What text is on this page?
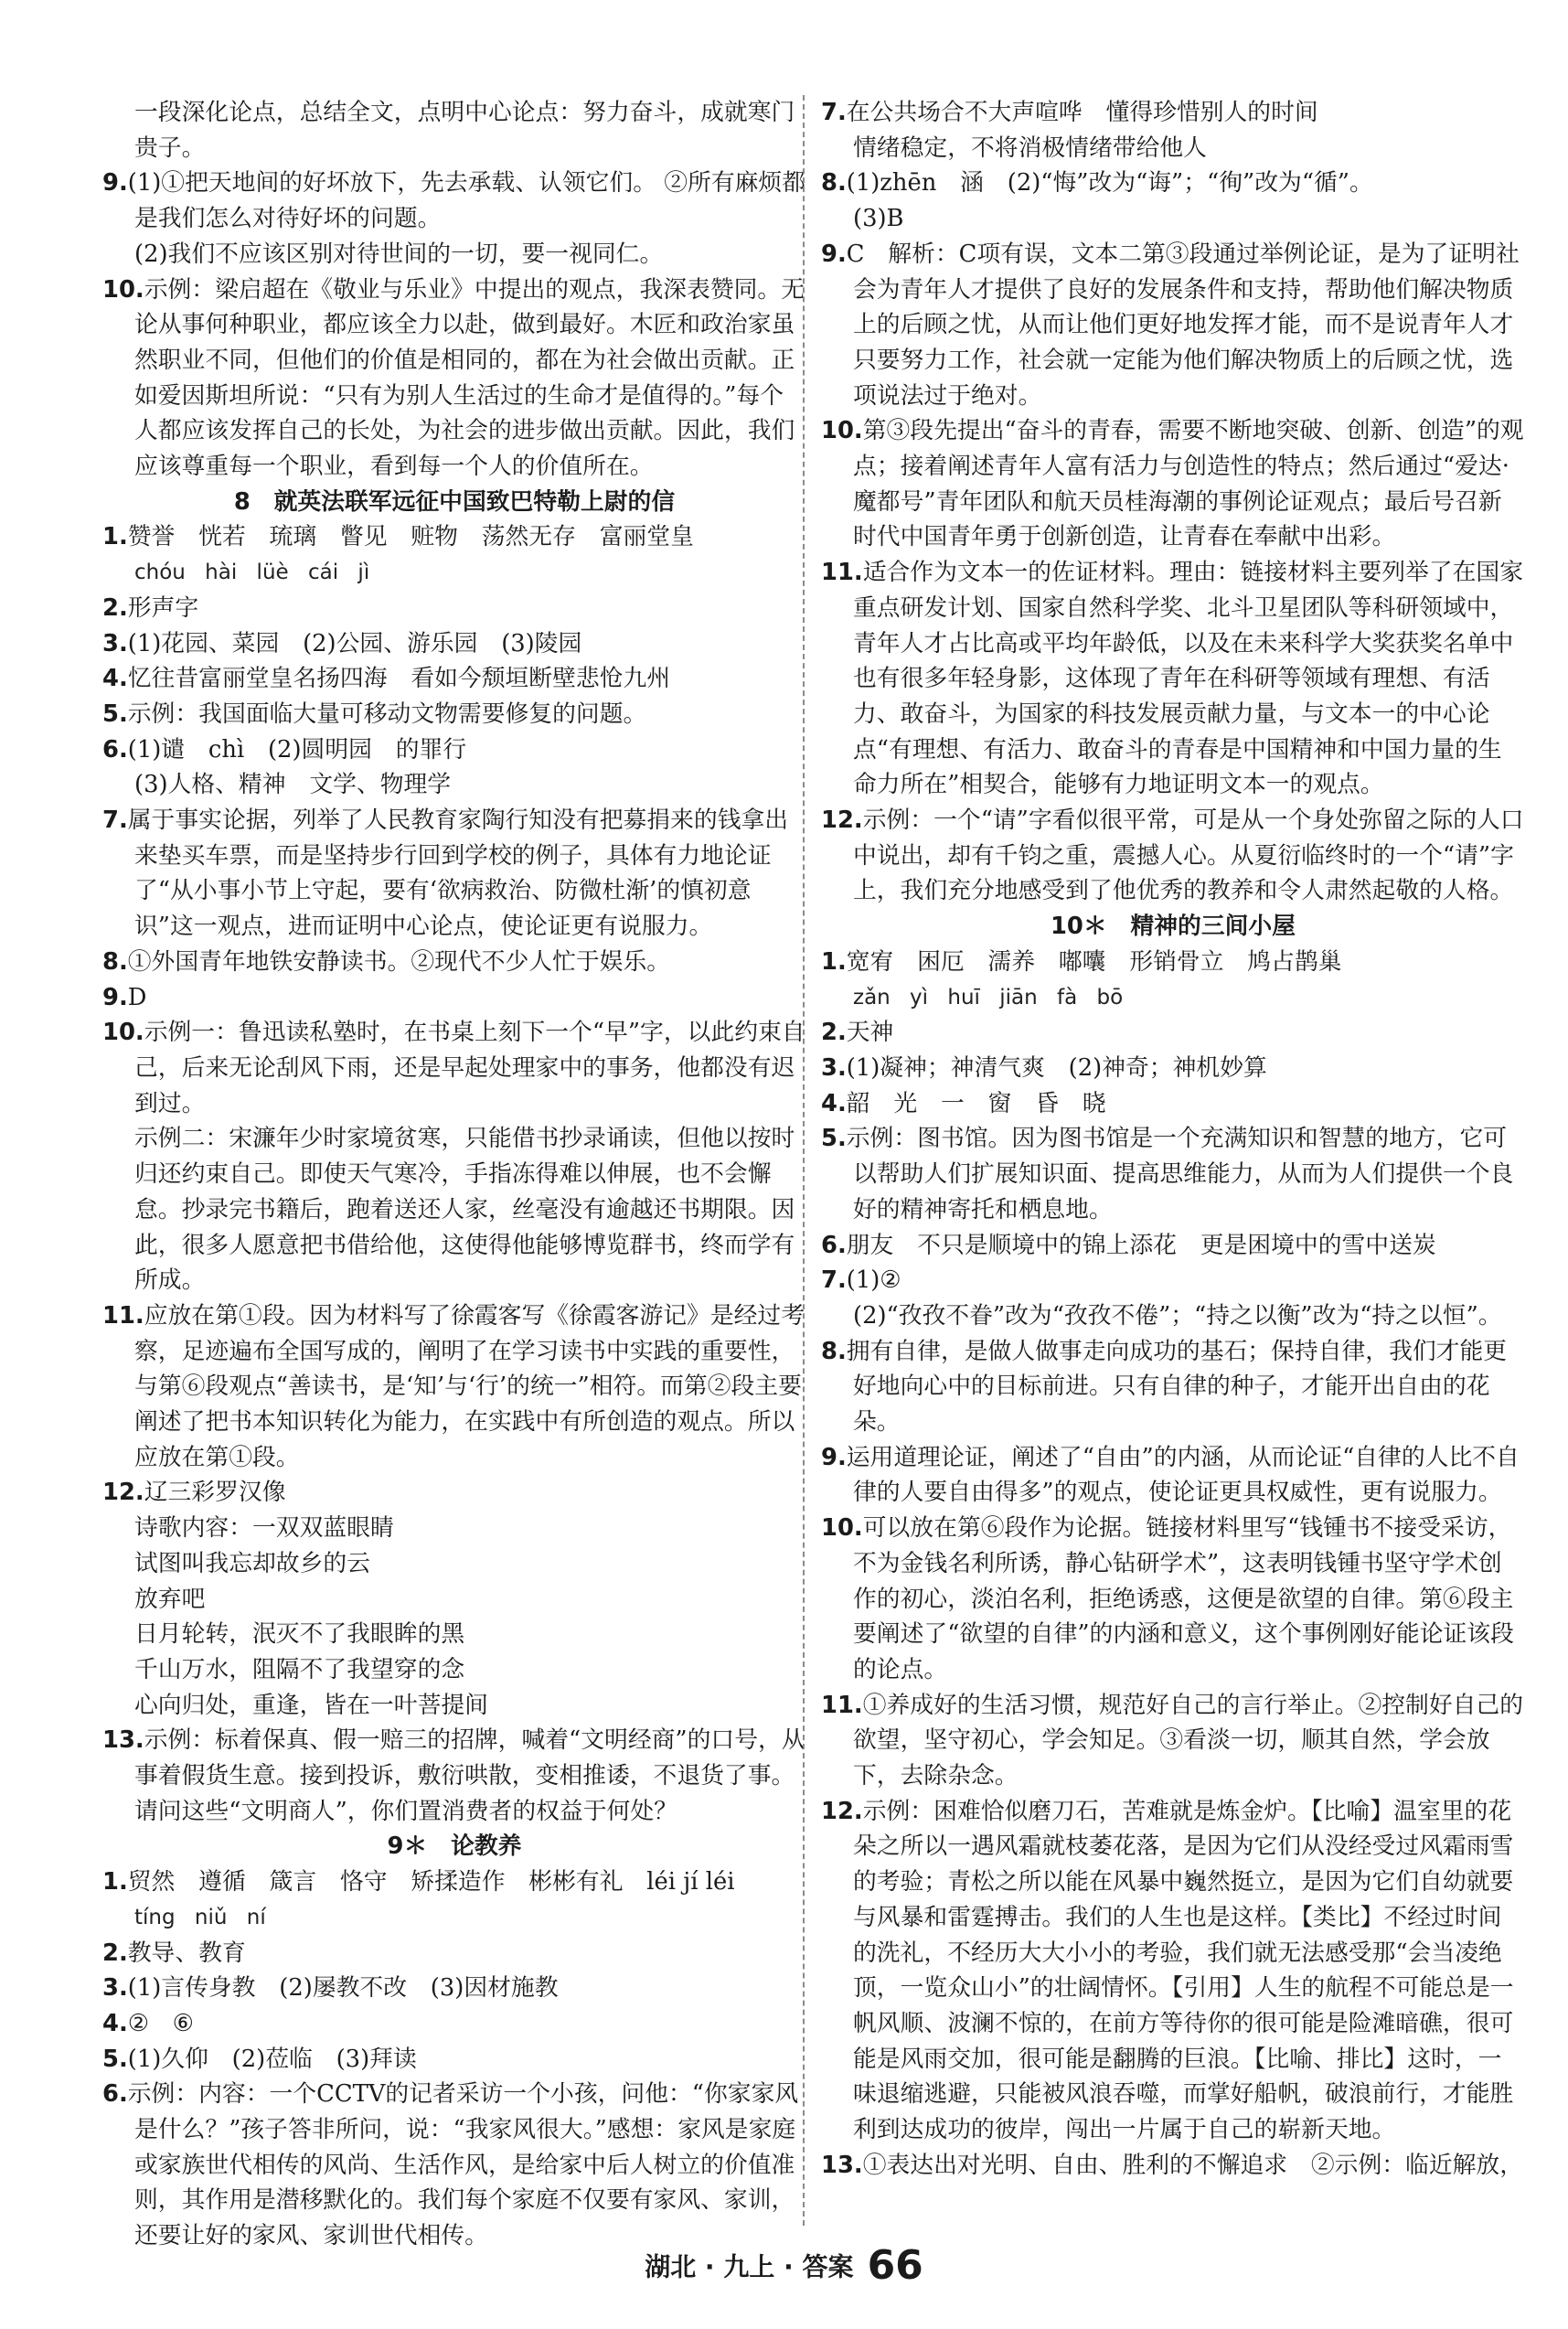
一段深化论点，总结全文，点明中心论点：努力奋斗，成就寒门贵子。

9.(1)①把天地间的好坏放下，先去承载、认领它们。 ②所有麻烦都是我们怎么对待好坏的问题。

(2)我们不应该区别对待世间的一切，要一视同仁。

10.示例：梁启超在《敬业与乐业》中提出的观点，我深表赞同。无论从事何种职业，都应该全力以赴，做到最好。木匠和政治家虽然职业不同，但他们的价值是相同的，都在为社会做出贡献。正如爱因斯坦所说：“只有为别人生活过的生命才是值得的。”每个人都应该发挥自己的长处，为社会的进步做出贡献。因此，我们应该尊重每一个职业，看到每一个人的价值所在。

8　就英法联军远征中国致巴特勒上尉的信

1.赞誉　恍若　琉璃　瞥见　赃物　荡然无存　富丽堂皇

chóu hài lüè cái jì

2.形声字

3.(1)花园、菜园　(2)公园、游乐园　(3)陵园

4.忆往昔富丽堂皇名扬四海　看如今颓垣断壁悲怆九州

5.示例：我国面临大量可移动文物需要修复的问题。

6.(1)谴　chì　(2)圆明园　的罪行

(3)人格、精神　文学、物理学

7.属于事实论据，列举了人民教育家陶行知没有把募捐来的钱拿出来垫买车票，而是坚持步行回到学校的例子，具体有力地论证了“从小事小节上守起，要有‘欲病救治、防微杜渐’的慎初意识”这一观点，进而证明中心论点，使论证更有说服力。

8.①外国青年地铁安静读书。②现代不少人忙于娱乐。

9.D

10.示例一：鲁迅读私塾时，在书桌上刻下一个“早”字，以此约束自己，后来无论刮风下雨，还是早起处理家中的事务，他都没有迟到过。

示例二：宋濂年少时家境贫寒，只能借书抄录诵读，但他以按时归还约束自己。即使天气寒冷，手指冻得难以伸展，也不会懈怠。抄录完书籍后，跑着送还人家，丝毫没有逾越还书期限。因此，很多人愿意把书借给他，这使得他能够博览群书，终而学有所成。

11.应放在第①段。因为材料写了徐霞客写《徐霞客游记》是经过考察，足迹遍布全国写成的，阐明了在学习读书中实践的重要性，与第⑥段观点“善读书，是‘知’与‘行’的统一”相符。而第②段主要阐述了把书本知识转化为能力，在实践中有所创造的观点。所以应放在第①段。

12.辽三彩罗汉像

诗歌内容：一双双蓝眼睛

试图叫我忘却故乡的云

放弃吧

日月轮转，泯灭不了我眼眸的黑

千山万水，阻隔不了我望穿的念

心向归处，重逢，皆在一叶菩提间

13.示例：标着保真、假一赔三的招牌，喊着“文明经商”的口号，从事着假货生意。接到投诉，敷衍哄散，变相推诿，不退货了事。请问这些“文明商人”，你们置消费者的权益于何处？

9＊　论教养

1.贸然　遵循　箴言　恪守　矫揉造作　彬彬有礼　léi jí léi

tíng niǔ ní

2.教导、教育

3.(1)言传身教　(2)屡教不改　(3)因材施教

4.②　⑥

5.(1)久仰　(2)莅临　(3)拜读

6.示例：内容：一个CCTV的记者采访一个小孩，问他：“你家家风是什么？”孩子答非所问，说：“我家风很大。”感想：家风是家庭或家族世代相传的风尚、生活作风，是给家中后人树立的价值准则，其作用是潜移默化的。我们每个家庭不仅要有家风、家训，还要让好的家风、家训世代相传。

7.在公共场合不大声喧哗　懂得珍惜别人的时间

情绪稳定，不将消极情绪带给他人

8.(1)zhēn　涵　(2)“悔”改为“诲”；“徇”改为“循”。

(3)B

9.C　解析：C项有误，文本二第③段通过举例论证，是为了证明社会为青年人才提供了良好的发展条件和支持，帮助他们解决物质上的后顾之忧，从而让他们更好地发挥才能，而不是说青年人才只要努力工作，社会就一定能为他们解决物质上的后顾之忧，选项说法过于绝对。

10.第③段先提出“奋斗的青春，需要不断地突破、创新、创造”的观点；接着阐述青年人富有活力与创造性的特点；然后通过“爱达·魔都号”青年团队和航天员桂海潮的事例论证观点；最后号召新时代中国青年勇于创新创造，让青春在奉献中出彩。

11.适合作为文本一的佐证材料。理由：链接材料主要列举了在国家重点研发计划、国家自然科学奖、北斗卫星团队等科研领域中，青年人才占比高或平均年龄低，以及在未来科学大奖获奖名单中也有很多年轻身影，这体现了青年在科研等领域有理想、有活力、敢奋斗，为国家的科技发展贡献力量，与文本一的中心论点“有理想、有活力、敢奋斗的青春是中国精神和中国力量的生命力所在”相契合，能够有力地证明文本一的观点。

12.示例：一个“请”字看似很平常，可是从一个身处弥留之际的人口中说出，却有千钧之重，震撼人心。从夏衍临终时的一个“请”字上，我们充分地感受到了他优秀的教养和令人肃然起敬的人格。

10＊　精神的三间小屋

1.宽宥　困厄　濡养　嘟囔　形销骨立　鸠占鹊巢

zǎn yì huī jiān fà bō

2.天神

3.(1)凝神；神清气爽　(2)神奇；神机妙算

4.韶　光　一　窗　昏　晓

5.示例：图书馆。因为图书馆是一个充满知识和智慧的地方，它可以帮助人们扩展知识面、提高思维能力，从而为人们提供一个良好的精神寄托和栖息地。

6.朋友　不只是顺境中的锦上添花　更是困境中的雪中送炭

7.(1)②

(2)“孜孜不眷”改为“孜孜不倦”；“持之以衡”改为“持之以恒”。

8.拥有自律，是做人做事走向成功的基石；保持自律，我们才能更好地向心中的目标前进。只有自律的种子，才能开出自由的花朵。

9.运用道理论证，阐述了“自由”的内涵，从而论证“自律的人比不自律的人要自由得多”的观点，使论证更具权威性，更有说服力。

10.可以放在第⑥段作为论据。链接材料里写“钱锺书不接受采访，不为金钱名利所诱，静心钻研学术”，这表明钱锺书坚守学术创作的初心，淡泊名利，拒绝诱惑，这便是欲望的自律。第⑥段主要阐述了“欲望的自律”的内涵和意义，这个事例刚好能论证该段的论点。

11.①养成好的生活习惯，规范好自己的言行举止。②控制好自己的欲望，坚守初心，学会知足。③看淡一切，顺其自然，学会放下，去除杂念。

12.示例：困难恰似磨刀石，苦难就是炼金炉。【比喻】温室里的花朵之所以一遇风霜就枝萎花落，是因为它们从没经受过风霜雨雪的考验；青松之所以能在风暴中巍然挺立，是因为它们自幼就要与风暴和雷霆搏击。我们的人生也是这样。【类比】不经过时间的洗礼，不经历大大小小的考验，我们就无法感受那“会当凌绝顶，一览众山小”的壮阔情怀。【引用】人生的航程不可能总是一帆风顺、波澜不惊的，在前方等待你的很可能是险滩暗礁，很可能是风雨交加，很可能是翻腾的巨浪。【比喻、排比】这时，一味退缩逃避，只能被风浪吞噬，而掌好船帆，破浪前行，才能胜利到达成功的彼岸，闯出一片属于自己的崭新天地。

13.①表达出对光明、自由、胜利的不懈追求　②示例：临近解放，

湖北 · 九上 · 答案 66
